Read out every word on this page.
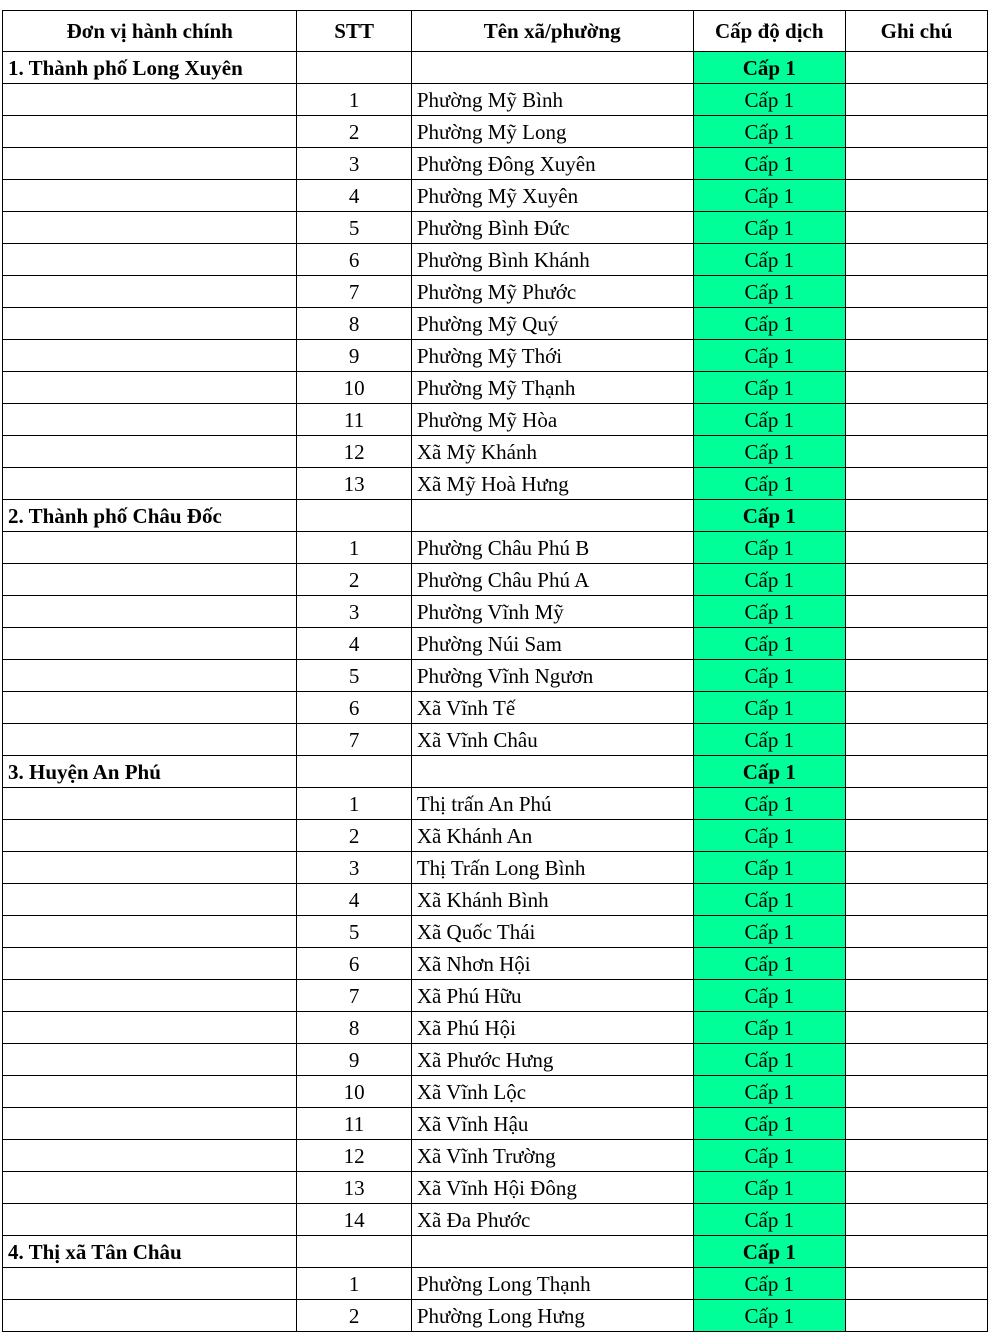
Đơn vị hành chính	STT	Tên xã/phường	Cấp độ dịch	Ghi chú
1. Thành phố Long Xuyên			Cấp 1	
	1	Phường Mỹ Bình	Cấp 1	
	2	Phường Mỹ Long	Cấp 1	
	3	Phường Đông Xuyên	Cấp 1	
	4	Phường Mỹ Xuyên	Cấp 1	
	5	Phường Bình Đức	Cấp 1	
	6	Phường Bình Khánh	Cấp 1	
	7	Phường Mỹ Phước	Cấp 1	
	8	Phường Mỹ Quý	Cấp 1	
	9	Phường Mỹ Thới	Cấp 1	
	10	Phường Mỹ Thạnh	Cấp 1	
	11	Phường Mỹ Hòa	Cấp 1	
	12	Xã Mỹ Khánh	Cấp 1	
	13	Xã Mỹ Hoà Hưng	Cấp 1	
2. Thành phố Châu Đốc			Cấp 1	
	1	Phường Châu Phú B	Cấp 1	
	2	Phường Châu Phú A	Cấp 1	
	3	Phường Vĩnh Mỹ	Cấp 1	
	4	Phường Núi Sam	Cấp 1	
	5	Phường Vĩnh Ngươn	Cấp 1	
	6	Xã Vĩnh Tế	Cấp 1	
	7	Xã Vĩnh Châu	Cấp 1	
3. Huyện An Phú			Cấp 1	
	1	Thị trấn An Phú	Cấp 1	
	2	Xã Khánh An	Cấp 1	
	3	Thị Trấn Long Bình	Cấp 1	
	4	Xã Khánh Bình	Cấp 1	
	5	Xã Quốc Thái	Cấp 1	
	6	Xã Nhơn Hội	Cấp 1	
	7	Xã Phú Hữu	Cấp 1	
	8	Xã Phú Hội	Cấp 1	
	9	Xã Phước Hưng	Cấp 1	
	10	Xã Vĩnh Lộc	Cấp 1	
	11	Xã Vĩnh Hậu	Cấp 1	
	12	Xã Vĩnh Trường	Cấp 1	
	13	Xã Vĩnh Hội Đông	Cấp 1	
	14	Xã Đa Phước	Cấp 1	
4. Thị xã Tân Châu			Cấp 1	
	1	Phường Long Thạnh	Cấp 1	
	2	Phường Long Hưng	Cấp 1	
